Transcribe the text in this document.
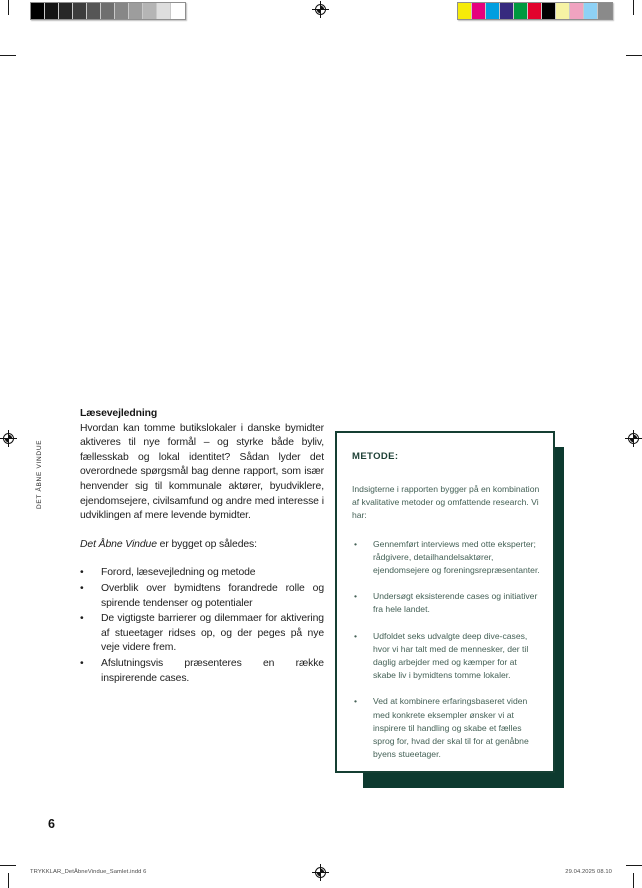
DET ÅBNE VINDUE
Læsevejledning

Hvordan kan tomme butikslokaler i danske bymidter aktiveres til nye formål – og styrke både byliv, fællesskab og lokal identitet? Sådan lyder det overordnede spørgsmål bag denne rapport, som især henvender sig til kommunale aktører, byudviklere, ejendomsejere, civilsamfund og andre med interesse i udviklingen af mere levende bymidter.

Det Åbne Vindue er bygget op således:

•	Forord, læsevejledning og metode
•	Overblik over bymidtens forandrede rolle og spirende tendenser og potentialer
•	De vigtigste barrierer og dilemmaer for aktivering af stueetager ridses op, og der peges på nye veje videre frem.
•	Afslutningsvis præsenteres en række inspirerende cases.
METODE:

Indsigterne i rapporten bygger på en kombination af kvalitative metoder og omfattende research. Vi har:

•	Gennemført interviews med otte eksperter; rådgivere, detailhandelsaktører, ejendomsejere og foreningsrepræsentanter.
•	Undersøgt eksisterende cases og initiativer fra hele landet.
•	Udfoldet seks udvalgte deep dive-cases, hvor vi har talt med de mennesker, der til daglig arbejder med og kæmper for at skabe liv i bymidtens tomme lokaler.
•	Ved at kombinere erfaringsbaseret viden med konkrete eksempler ønsker vi at inspirere til handling og skabe et fælles sprog for, hvad der skal til for at genåbne byens stueetager.
6
TRYKKLAR_DetÅbneVindue_Samlet.indd 6	29.04.2025 08.10
